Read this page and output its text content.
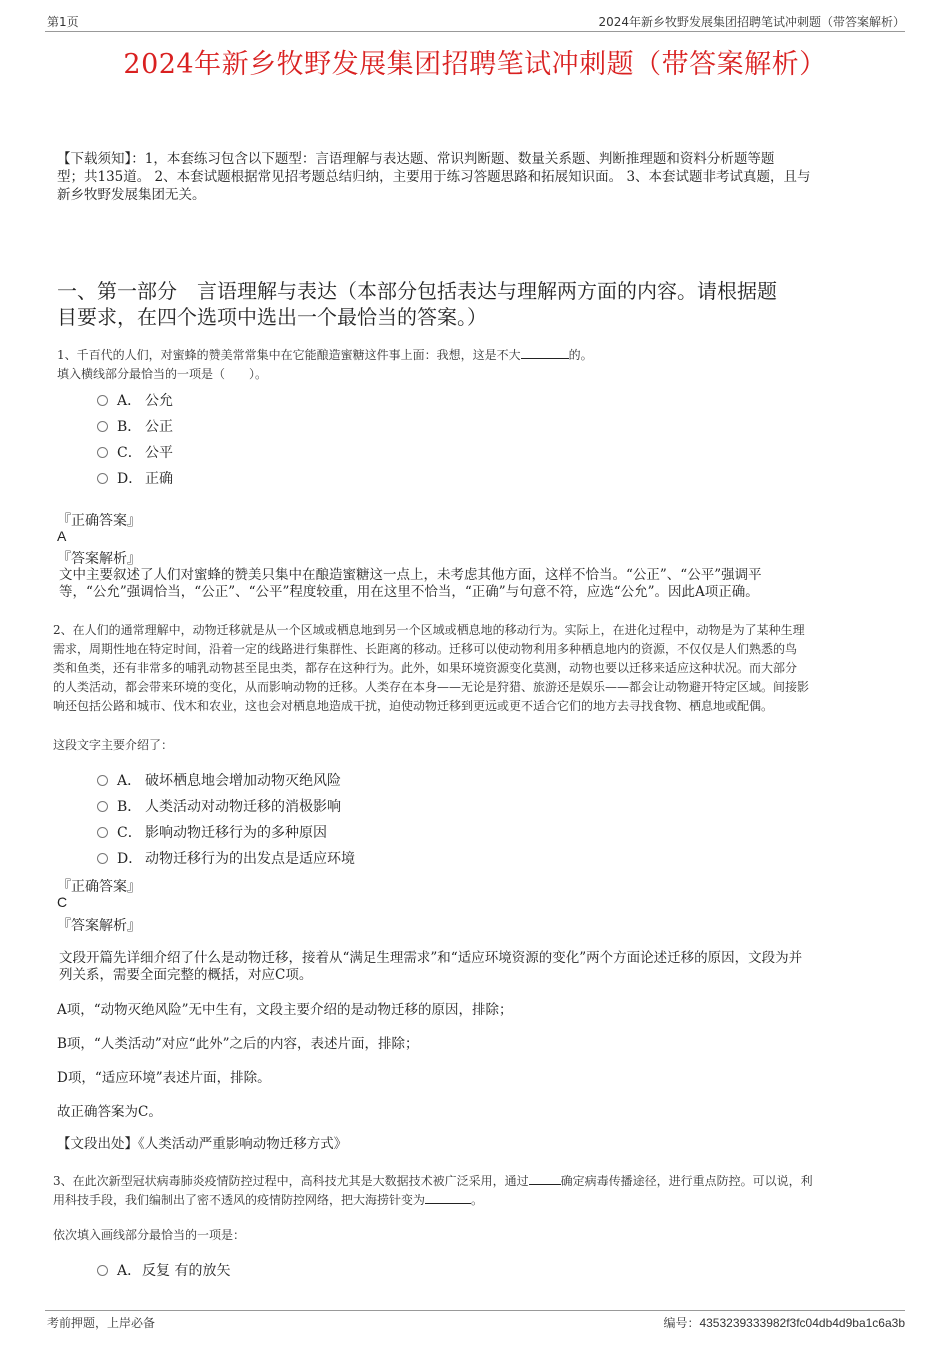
第1页	2024年新乡牧野发展集团招聘笔试冲刺题（带答案解析）
2024年新乡牧野发展集团招聘笔试冲刺题（带答案解析）
【下载须知】：1，本套练习包含以下题型：言语理解与表达题、常识判断题、数量关系题、判断推理题和资料分析题等题
型；共135道。 2、本套试题根据常见招考题总结归纳，主要用于练习答题思路和拓展知识面。 3、本套试题非考试真题，且与
新乡牧野发展集团无关。
一、第一部分　言语理解与表达（本部分包括表达与理解两方面的内容。请根据题
目要求，在四个选项中选出一个最恰当的答案。）
1、千百代的人们，对蜜蜂的赞美常常集中在它能酿造蜜糖这件事上面：我想，这是不大	的。
填入横线部分最恰当的一项是（　　）。
A． 公允
B． 公正
C． 公平
D． 正确
『正确答案』
A
『答案解析』
文中主要叙述了人们对蜜蜂的赞美只集中在酿造蜜糖这一点上，未考虑其他方面，这样不恰当。“公正”、“公平”强调平
等，“公允”强调恰当，“公正”、“公平”程度较重，用在这里不恰当，“正确”与句意不符，应选“公允”。因此A项正确。
2、在人们的通常理解中，动物迁移就是从一个区域或栖息地到另一个区域或栖息地的移动行为。实际上，在进化过程中，动物是为了某种生理
需求，周期性地在特定时间，沿着一定的线路进行集群性、长距离的移动。迁移可以使动物利用多种栖息地内的资源，不仅仅是人们熟悉的鸟
类和鱼类，还有非常多的哺乳动物甚至昆虫类，都存在这种行为。此外，如果环境资源变化莫测，动物也要以迁移来适应这种状况。而大部分
的人类活动，都会带来环境的变化，从而影响动物的迁移。人类存在本身——无论是狩猎、旅游还是娱乐——都会让动物避开特定区域。间接影
响还包括公路和城市、伐木和农业，这也会对栖息地造成干扰，迫使动物迁移到更远或更不适合它们的地方去寻找食物、栖息地或配偶。
这段文字主要介绍了：
A． 破坏栖息地会增加动物灭绝风险
B． 人类活动对动物迁移的消极影响
C． 影响动物迁移行为的多种原因
D． 动物迁移行为的出发点是适应环境
『正确答案』
C
『答案解析』
文段开篇先详细介绍了什么是动物迁移，接着从“满足生理需求”和“适应环境资源的变化”两个方面论述迁移的原因，文段为并
列关系，需要全面完整的概括，对应C项。
A项，“动物灭绝风险”无中生有，文段主要介绍的是动物迁移的原因，排除；
B项，“人类活动”对应“此外”之后的内容，表述片面，排除；
D项，“适应环境”表述片面，排除。
故正确答案为C。
【文段出处】《人类活动严重影响动物迁移方式》
3、在此次新型冠状病毒肺炎疫情防控过程中，高科技尤其是大数据技术被广泛采用，通过	确定病毒传播途径，进行重点防控。可以说，利
用科技手段，我们编制出了密不透风的疫情防控网络，把大海捞针变为	。
依次填入画线部分最恰当的一项是：
A．反复 有的放矢
考前押题，上岸必备	编号：4353239333982f3fc04db4d9ba1c6a3b
